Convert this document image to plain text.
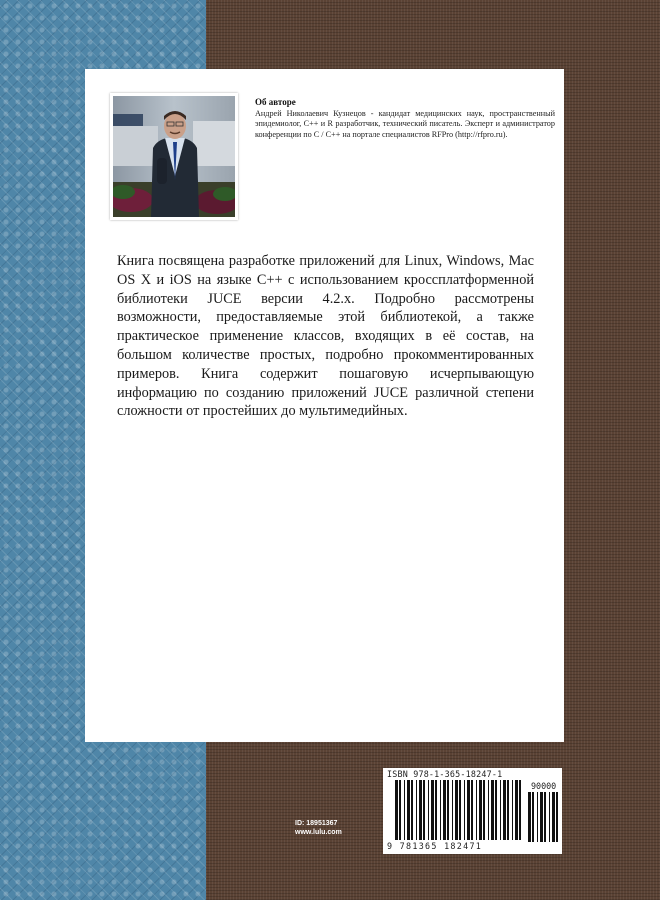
Об авторе
Андрей Николаевич Кузнецов - кандидат медицинских наук, пространственный эпидемиолог, С++ и R разработчик, технический писатель. Эксперт и администратор конференции по С / С++ на портале специалистов RFPro (http://rfpro.ru).
Книга посвящена разработке приложений для Linux, Windows, Mac OS X и iOS на языке C++ с использованием кроссплатформенной библиотеки JUCE версии 4.2.x. Подробно рассмотрены возможности, предоставляемые этой библиотекой, а также практическое применение классов, входящих в её состав, на большом количестве простых, подробно прокомментированных примеров. Книга содержит пошаговую исчерпывающую информацию по созданию приложений JUCE различной степени сложности от простейших до мультимедийных.
ID: 18951367
www.lulu.com
ISBN 978-1-365-18247-1
90000
9 781365 182471
